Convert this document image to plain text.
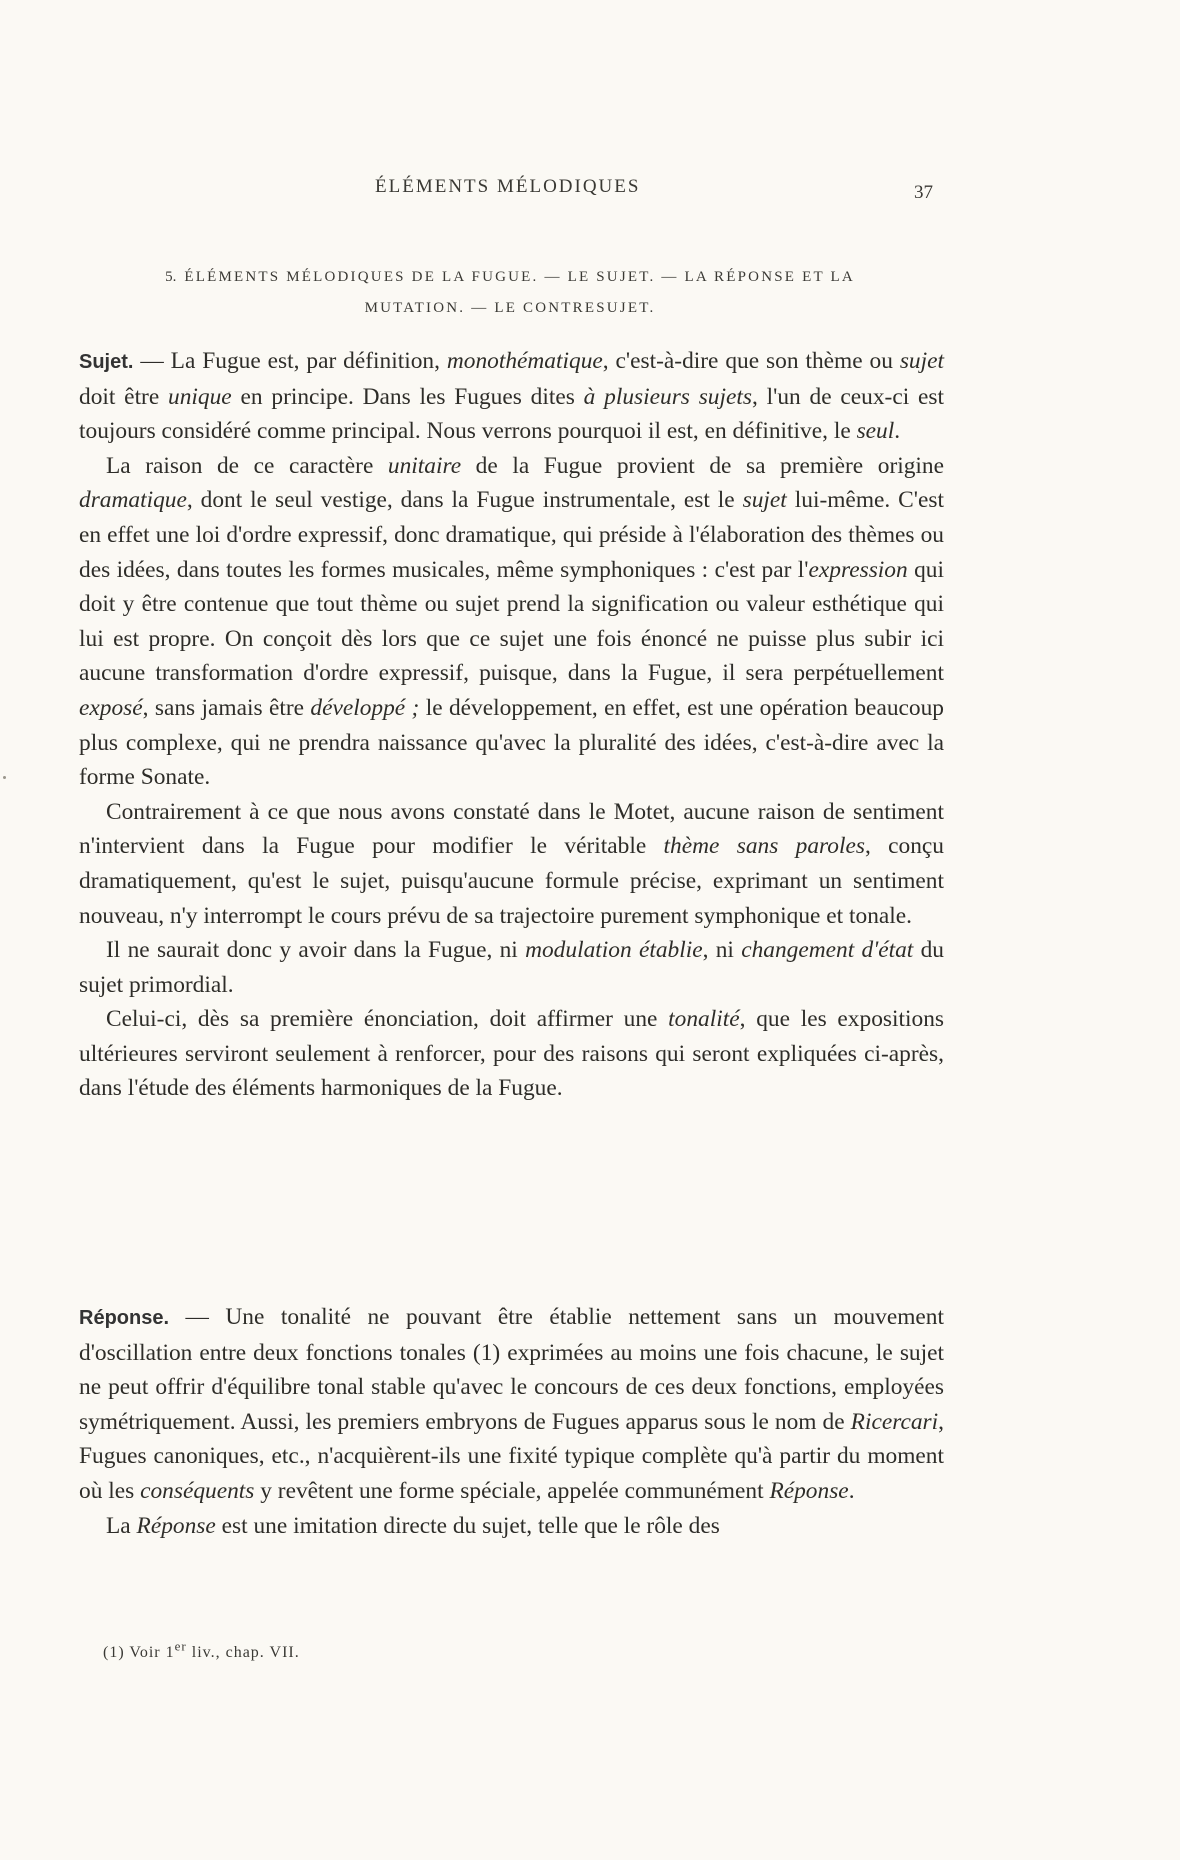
ÉLÉMENTS MÉLODIQUES	37
5. ÉLÉMENTS MÉLODIQUES DE LA FUGUE. — LE SUJET. — LA RÉPONSE ET LA
MUTATION. — LE CONTRESUJET.

Sujet. — La Fugue est, par définition, monothématique, c'est-à-dire que son thème ou sujet doit être unique en principe. Dans les Fugues dites à plusieurs sujets, l'un de ceux-ci est toujours considéré comme principal. Nous verrons pourquoi il est, en définitive, le seul.

La raison de ce caractère unitaire de la Fugue provient de sa première origine dramatique, dont le seul vestige, dans la Fugue instrumentale, est le sujet lui-même. C'est en effet une loi d'ordre expressif, donc dramatique, qui préside à l'élaboration des thèmes ou des idées, dans toutes les formes musicales, même symphoniques : c'est par l'expression qui doit y être contenue que tout thème ou sujet prend la signification ou valeur esthétique qui lui est propre. On conçoit dès lors que ce sujet une fois énoncé ne puisse plus subir ici aucune transformation d'ordre expressif, puisque, dans la Fugue, il sera perpétuellement exposé, sans jamais être développé ; le développement, en effet, est une opération beaucoup plus complexe, qui ne prendra naissance qu'avec la pluralité des idées, c'est-à-dire avec la forme Sonate.

Contrairement à ce que nous avons constaté dans le Motet, aucune raison de sentiment n'intervient dans la Fugue pour modifier le véritable thème sans paroles, conçu dramatiquement, qu'est le sujet, puisqu'aucune formule précise, exprimant un sentiment nouveau, n'y interrompt le cours prévu de sa trajectoire purement symphonique et tonale.

Il ne saurait donc y avoir dans la Fugue, ni modulation établie, ni changement d'état du sujet primordial.

Celui-ci, dès sa première énonciation, doit affirmer une tonalité, que les expositions ultérieures serviront seulement à renforcer, pour des raisons qui seront expliquées ci-après, dans l'étude des éléments harmoniques de la Fugue.

Réponse. — Une tonalité ne pouvant être établie nettement sans un mouvement d'oscillation entre deux fonctions tonales (1) exprimées au moins une fois chacune, le sujet ne peut offrir d'équilibre tonal stable qu'avec le concours de ces deux fonctions, employées symétriquement. Aussi, les premiers embryons de Fugues apparus sous le nom de Ricercari, Fugues canoniques, etc., n'acquièrent-ils une fixité typique complète qu'à partir du moment où les conséquents y revêtent une forme spéciale, appelée communément Réponse.

La Réponse est une imitation directe du sujet, telle que le rôle des

(1) Voir 1er liv., chap. VII.
